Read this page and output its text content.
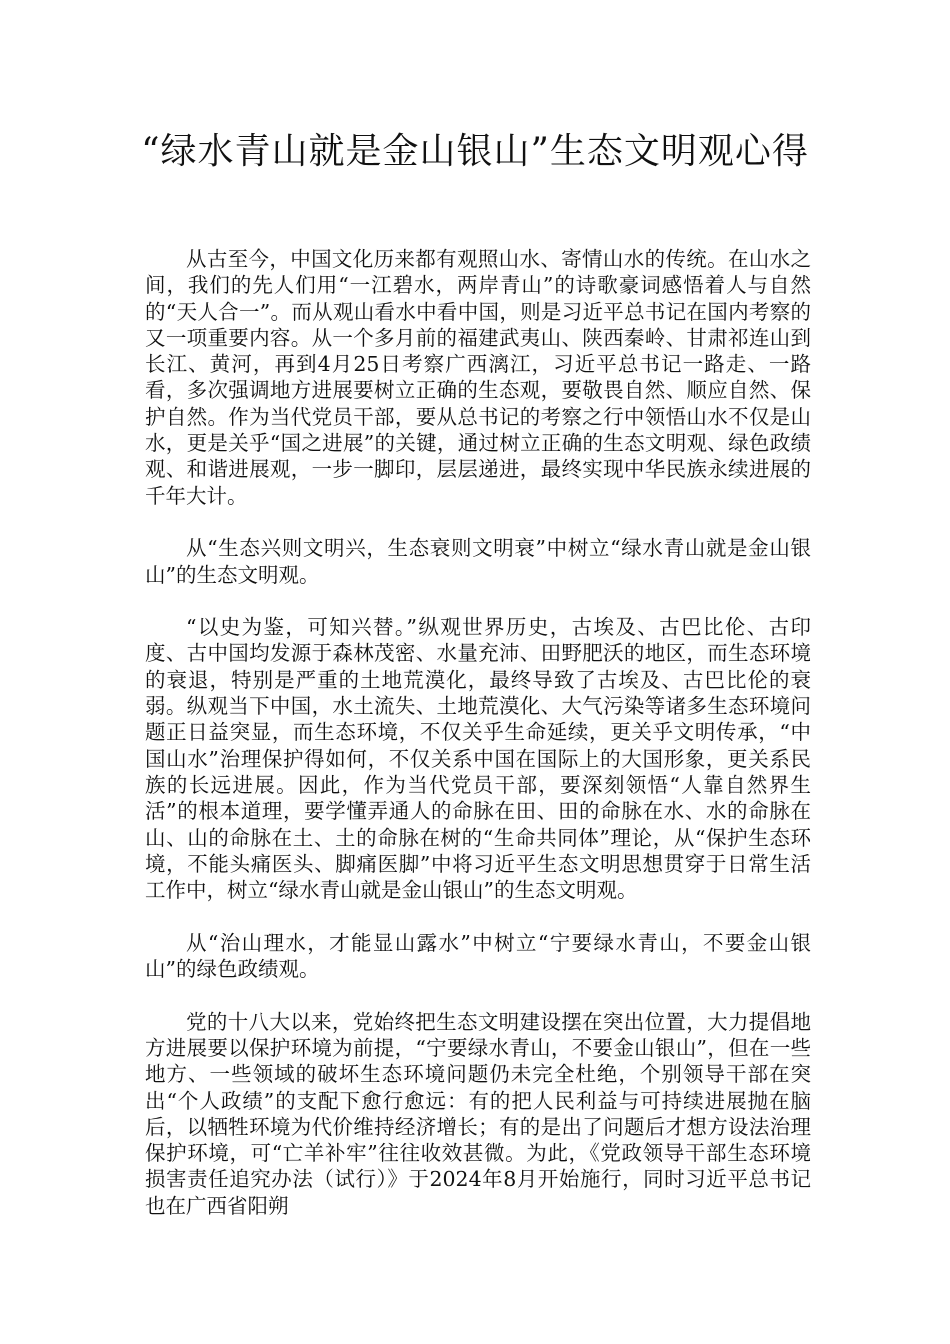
“绿水青山就是金山银山”生态文明观心得

从古至今，中国文化历来都有观照山水、寄情山水的传统。在山水之间，我们的先人们用“一江碧水，两岸青山”的诗歌豪词感悟着人与自然的“天人合一”。而从观山看水中看中国，则是习近平总书记在国内考察的又一项重要内容。从一个多月前的福建武夷山、陕西秦岭、甘肃祁连山到长江、黄河，再到4月25日考察广西漓江，习近平总书记一路走、一路看，多次强调地方进展要树立正确的生态观，要敬畏自然、顺应自然、保护自然。作为当代党员干部，要从总书记的考察之行中领悟山水不仅是山水，更是关乎“国之进展”的关键，通过树立正确的生态文明观、绿色政绩观、和谐进展观，一步一脚印，层层递进，最终实现中华民族永续进展的千年大计。

从“生态兴则文明兴，生态衰则文明衰”中树立“绿水青山就是金山银山”的生态文明观。

“以史为鉴，可知兴替。”纵观世界历史，古埃及、古巴比伦、古印度、古中国均发源于森林茂密、水量充沛、田野肥沃的地区，而生态环境的衰退，特别是严重的土地荒漠化，最终导致了古埃及、古巴比伦的衰弱。纵观当下中国，水土流失、土地荒漠化、大气污染等诸多生态环境问题正日益突显，而生态环境，不仅关乎生命延续，更关乎文明传承，“中国山水”治理保护得如何，不仅关系中国在国际上的大国形象，更关系民族的长远进展。因此，作为当代党员干部，要深刻领悟“人靠自然界生活”的根本道理，要学懂弄通人的命脉在田、田的命脉在水、水的命脉在山、山的命脉在土、土的命脉在树的“生命共同体”理论，从“保护生态环境，不能头痛医头、脚痛医脚”中将习近平生态文明思想贯穿于日常生活工作中，树立“绿水青山就是金山银山”的生态文明观。

从“治山理水，才能显山露水”中树立“宁要绿水青山，不要金山银山”的绿色政绩观。

党的十八大以来，党始终把生态文明建设摆在突出位置，大力提倡地方进展要以保护环境为前提，“宁要绿水青山，不要金山银山”，但在一些地方、一些领域的破坏生态环境问题仍未完全杜绝，个别领导干部在突出“个人政绩”的支配下愈行愈远：有的把人民利益与可持续进展抛在脑后，以牺牲环境为代价维持经济增长；有的是出了问题后才想方设法治理保护环境，可“亡羊补牢”往往收效甚微。为此，《党政领导干部生态环境损害责任追究办法（试行）》于2024年8月开始施行，同时习近平总书记也在广西省阳朔
